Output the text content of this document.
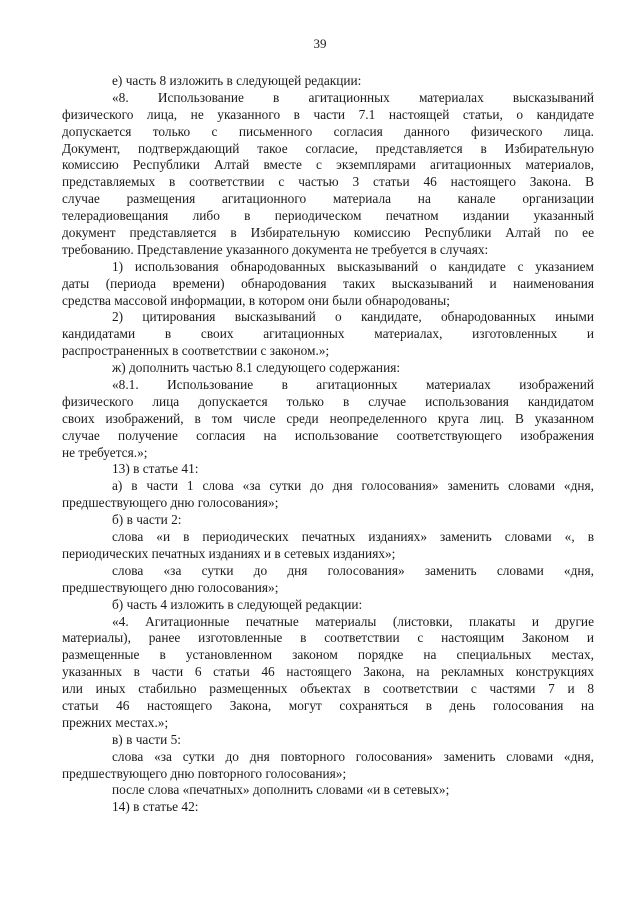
39
е) часть 8 изложить в следующей редакции:
«8. Использование в агитационных материалах высказываний
физического лица, не указанного в части 7.1 настоящей статьи, о кандидате
допускается только с письменного согласия данного физического лица.
Документ, подтверждающий такое согласие, представляется в Избирательную
комиссию Республики Алтай вместе с экземплярами агитационных материалов,
представляемых в соответствии с частью 3 статьи 46 настоящего Закона. В
случае размещения агитационного материала на канале организации
телерадиовещания либо в периодическом печатном издании указанный
документ представляется в Избирательную комиссию Республики Алтай по ее
требованию. Представление указанного документа не требуется в случаях:
1) использования обнародованных высказываний о кандидате с указанием
даты (периода времени) обнародования таких высказываний и наименования
средства массовой информации, в котором они были обнародованы;
2) цитирования высказываний о кандидате, обнародованных иными
кандидатами в своих агитационных материалах, изготовленных и
распространенных в соответствии с законом.»;
ж) дополнить частью 8.1 следующего содержания:
«8.1. Использование в агитационных материалах изображений
физического лица допускается только в случае использования кандидатом
своих изображений, в том числе среди неопределенного круга лиц. В указанном
случае получение согласия на использование соответствующего изображения
не требуется.»;
13) в статье 41:
а) в части 1 слова «за сутки до дня голосования» заменить словами «дня,
предшествующего дню голосования»;
б) в части 2:
слова «и в периодических печатных изданиях» заменить словами «, в
периодических печатных изданиях и в сетевых изданиях»;
слова «за сутки до дня голосования» заменить словами «дня,
предшествующего дню голосования»;
б) часть 4 изложить в следующей редакции:
«4. Агитационные печатные материалы (листовки, плакаты и другие
материалы), ранее изготовленные в соответствии с настоящим Законом и
размещенные в установленном законом порядке на специальных местах,
указанных в части 6 статьи 46 настоящего Закона, на рекламных конструкциях
или иных стабильно размещенных объектах в соответствии с частями 7 и 8
статьи 46 настоящего Закона, могут сохраняться в день голосования на
прежних местах.»;
в) в части 5:
слова «за сутки до дня повторного голосования» заменить словами «дня,
предшествующего дню повторного голосования»;
после слова «печатных» дополнить словами «и в сетевых»;
14) в статье 42:
